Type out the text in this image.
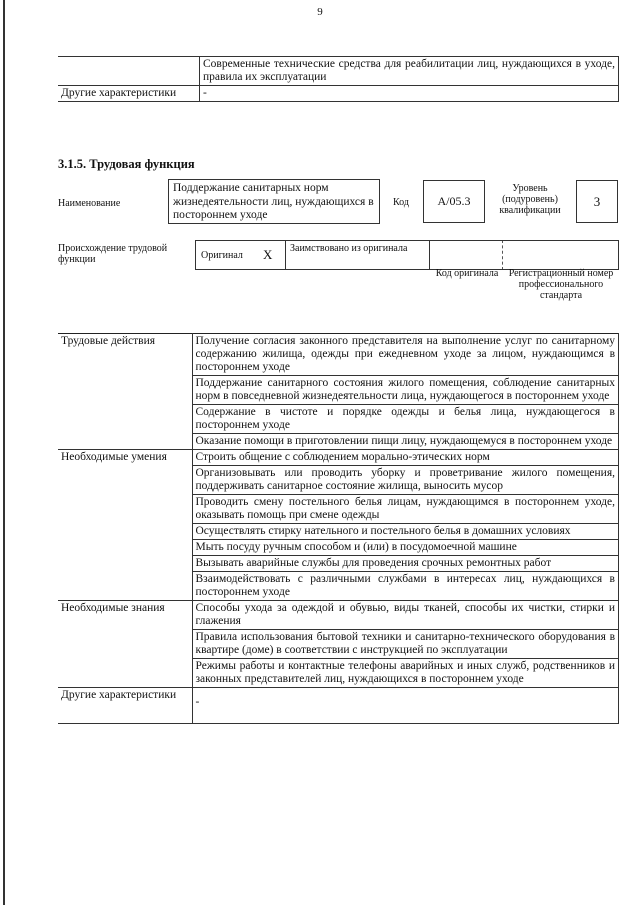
9
	Современные технические средства для реабилитации лиц, нуждающихся в уходе, правила их эксплуатации
Другие характеристики	-
3.1.5. Трудовая функция
Наименование
Поддержание санитарных норм жизнедеятельности лиц, нуждающихся в постороннем уходе
Код	А/05.3
Уровень (подуровень) квалификации
3
Происхождение трудовой функции	Оригинал X Заимствовано из оригинала
Код оригинала	Регистрационный номер профессионального стандарта
Трудовые действия	Получение согласия законного представителя на выполнение услуг по санитарному содержанию жилища, одежды при ежедневном уходе за лицом, нуждающимся в постороннем уходе
	Поддержание санитарного состояния жилого помещения, соблюдение санитарных норм в повседневной жизнедеятельности лица, нуждающегося в постороннем уходе
	Содержание в чистоте и порядке одежды и белья лица, нуждающегося в постороннем уходе
	Оказание помощи в приготовлении пищи лицу, нуждающемуся в постороннем уходе
Необходимые умения	Строить общение с соблюдением морально-этических норм
	Организовывать или проводить уборку и проветривание жилого помещения, поддерживать санитарное состояние жилища, выносить мусор
	Проводить смену постельного белья лицам, нуждающимся в постороннем уходе, оказывать помощь при смене одежды
	Осуществлять стирку нательного и постельного белья в домашних условиях
	Мыть посуду ручным способом и (или) в посудомоечной машине
	Вызывать аварийные службы для проведения срочных ремонтных работ
	Взаимодействовать с различными службами в интересах лиц, нуждающихся в постороннем уходе
Необходимые знания	Способы ухода за одеждой и обувью, виды тканей, способы их чистки, стирки и глажения
	Правила использования бытовой техники и санитарно-технического оборудования в квартире (доме) в соответствии с инструкцией по эксплуатации
	Режимы работы и контактные телефоны аварийных и иных служб, родственников и законных представителей лиц, нуждающихся в постороннем уходе
Другие характеристики	-
